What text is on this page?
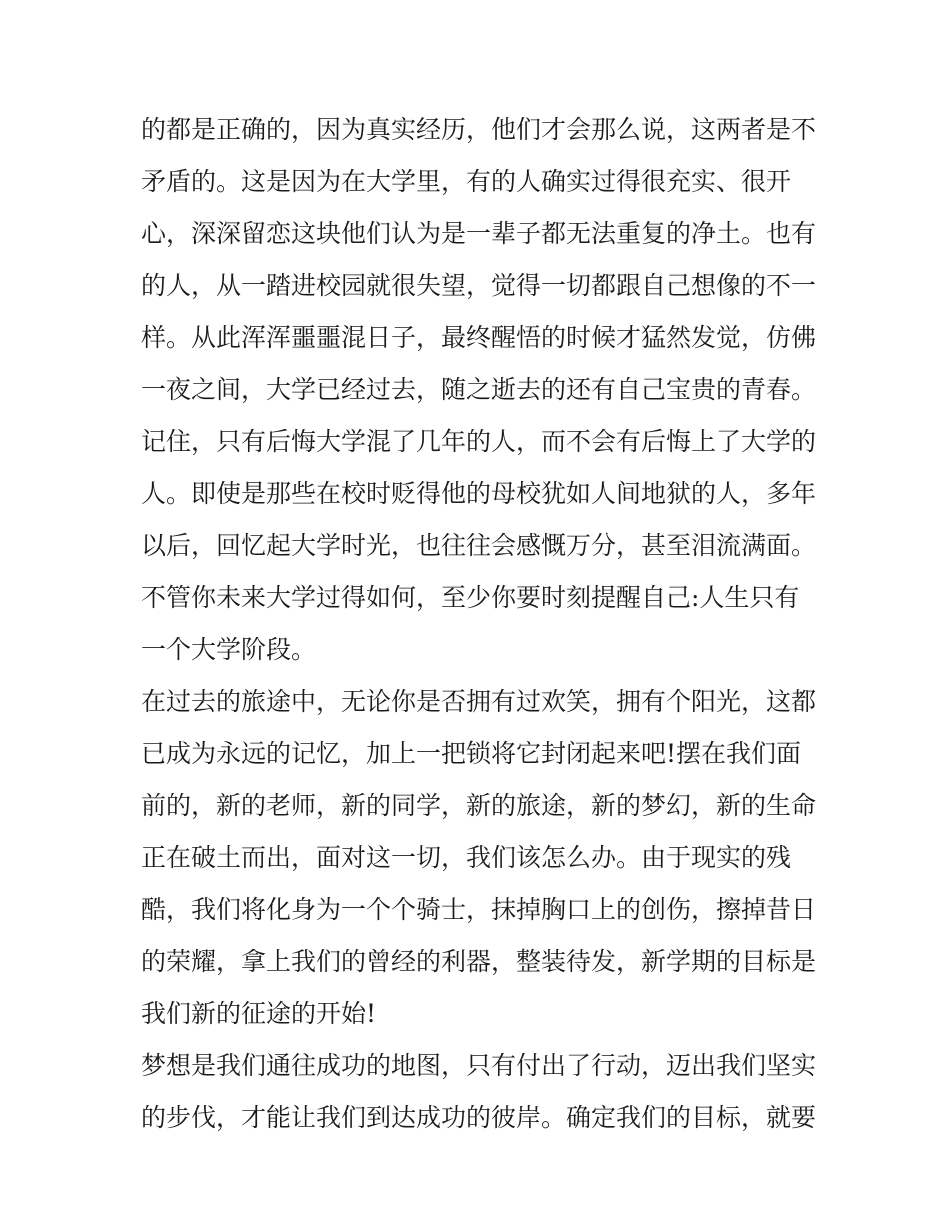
的都是正确的，因为真实经历，他们才会那么说，这两者是不
矛盾的。这是因为在大学里，有的人确实过得很充实、很开
心，深深留恋这块他们认为是一辈子都无法重复的净土。也有
的人，从一踏进校园就很失望，觉得一切都跟自己想像的不一
样。从此浑浑噩噩混日子，最终醒悟的时候才猛然发觉，仿佛
一夜之间，大学已经过去，随之逝去的还有自己宝贵的青春。
记住，只有后悔大学混了几年的人，而不会有后悔上了大学的
人。即使是那些在校时贬得他的母校犹如人间地狱的人，多年
以后，回忆起大学时光，也往往会感慨万分，甚至泪流满面。
不管你未来大学过得如何，至少你要时刻提醒自己:人生只有
一个大学阶段。
在过去的旅途中，无论你是否拥有过欢笑，拥有个阳光，这都
已成为永远的记忆，加上一把锁将它封闭起来吧!摆在我们面
前的，新的老师，新的同学，新的旅途，新的梦幻，新的生命
正在破土而出，面对这一切，我们该怎么办。由于现实的残
酷，我们将化身为一个个骑士，抹掉胸口上的创伤，擦掉昔日
的荣耀，拿上我们的曾经的利器，整装待发，新学期的目标是
我们新的征途的开始!
梦想是我们通往成功的地图，只有付出了行动，迈出我们坚实
的步伐，才能让我们到达成功的彼岸。确定我们的目标，就要
